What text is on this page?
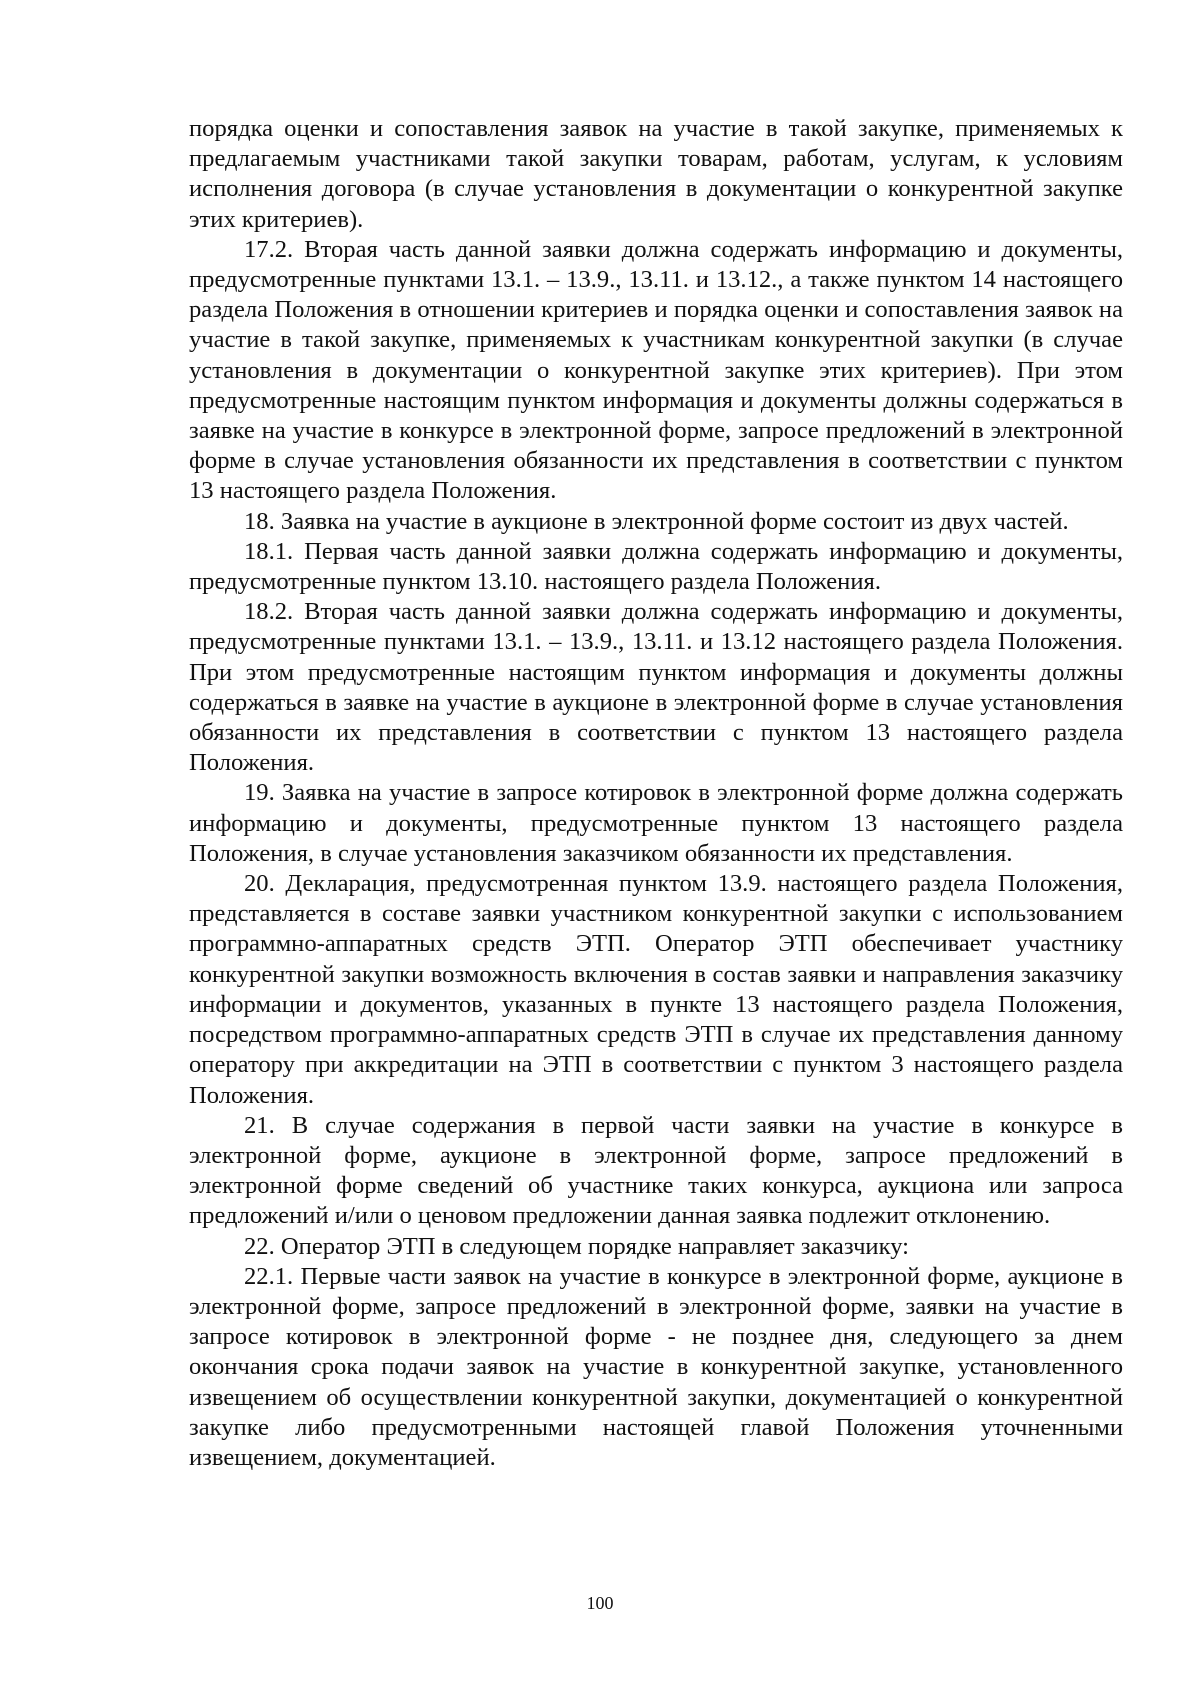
порядка оценки и сопоставления заявок на участие в такой закупке, применяемых к предлагаемым участниками такой закупки товарам, работам, услугам, к условиям исполнения договора (в случае установления в документации о конкурентной закупке этих критериев).

17.2. Вторая часть данной заявки должна содержать информацию и документы, предусмотренные пунктами 13.1. – 13.9., 13.11. и 13.12., а также пунктом 14 настоящего раздела Положения в отношении критериев и порядка оценки и сопоставления заявок на участие в такой закупке, применяемых к участникам конкурентной закупки (в случае установления в документации о конкурентной закупке этих критериев). При этом предусмотренные настоящим пунктом информация и документы должны содержаться в заявке на участие в конкурсе в электронной форме, запросе предложений в электронной форме в случае установления обязанности их представления в соответствии с пунктом 13 настоящего раздела Положения.

18. Заявка на участие в аукционе в электронной форме состоит из двух частей.

18.1. Первая часть данной заявки должна содержать информацию и документы, предусмотренные пунктом 13.10. настоящего раздела Положения.

18.2. Вторая часть данной заявки должна содержать информацию и документы, предусмотренные пунктами 13.1. – 13.9., 13.11. и 13.12 настоящего раздела Положения. При этом предусмотренные настоящим пунктом информация и документы должны содержаться в заявке на участие в аукционе в электронной форме в случае установления обязанности их представления в соответствии с пунктом 13 настоящего раздела Положения.

19. Заявка на участие в запросе котировок в электронной форме должна содержать информацию и документы, предусмотренные пунктом 13 настоящего раздела Положения, в случае установления заказчиком обязанности их представления.

20. Декларация, предусмотренная пунктом 13.9. настоящего раздела Положения, представляется в составе заявки участником конкурентной закупки с использованием программно-аппаратных средств ЭТП. Оператор ЭТП обеспечивает участнику конкурентной закупки возможность включения в состав заявки и направления заказчику информации и документов, указанных в пункте 13 настоящего раздела Положения, посредством программно-аппаратных средств ЭТП в случае их представления данному оператору при аккредитации на ЭТП в соответствии с пунктом 3 настоящего раздела Положения.

21. В случае содержания в первой части заявки на участие в конкурсе в электронной форме, аукционе в электронной форме, запросе предложений в электронной форме сведений об участнике таких конкурса, аукциона или запроса предложений и/или о ценовом предложении данная заявка подлежит отклонению.

22. Оператор ЭТП в следующем порядке направляет заказчику:

22.1. Первые части заявок на участие в конкурсе в электронной форме, аукционе в электронной форме, запросе предложений в электронной форме, заявки на участие в запросе котировок в электронной форме - не позднее дня, следующего за днем окончания срока подачи заявок на участие в конкурентной закупке, установленного извещением об осуществлении конкурентной закупки, документацией о конкурентной закупке либо предусмотренными настоящей главой Положения уточненными извещением, документацией.

100
